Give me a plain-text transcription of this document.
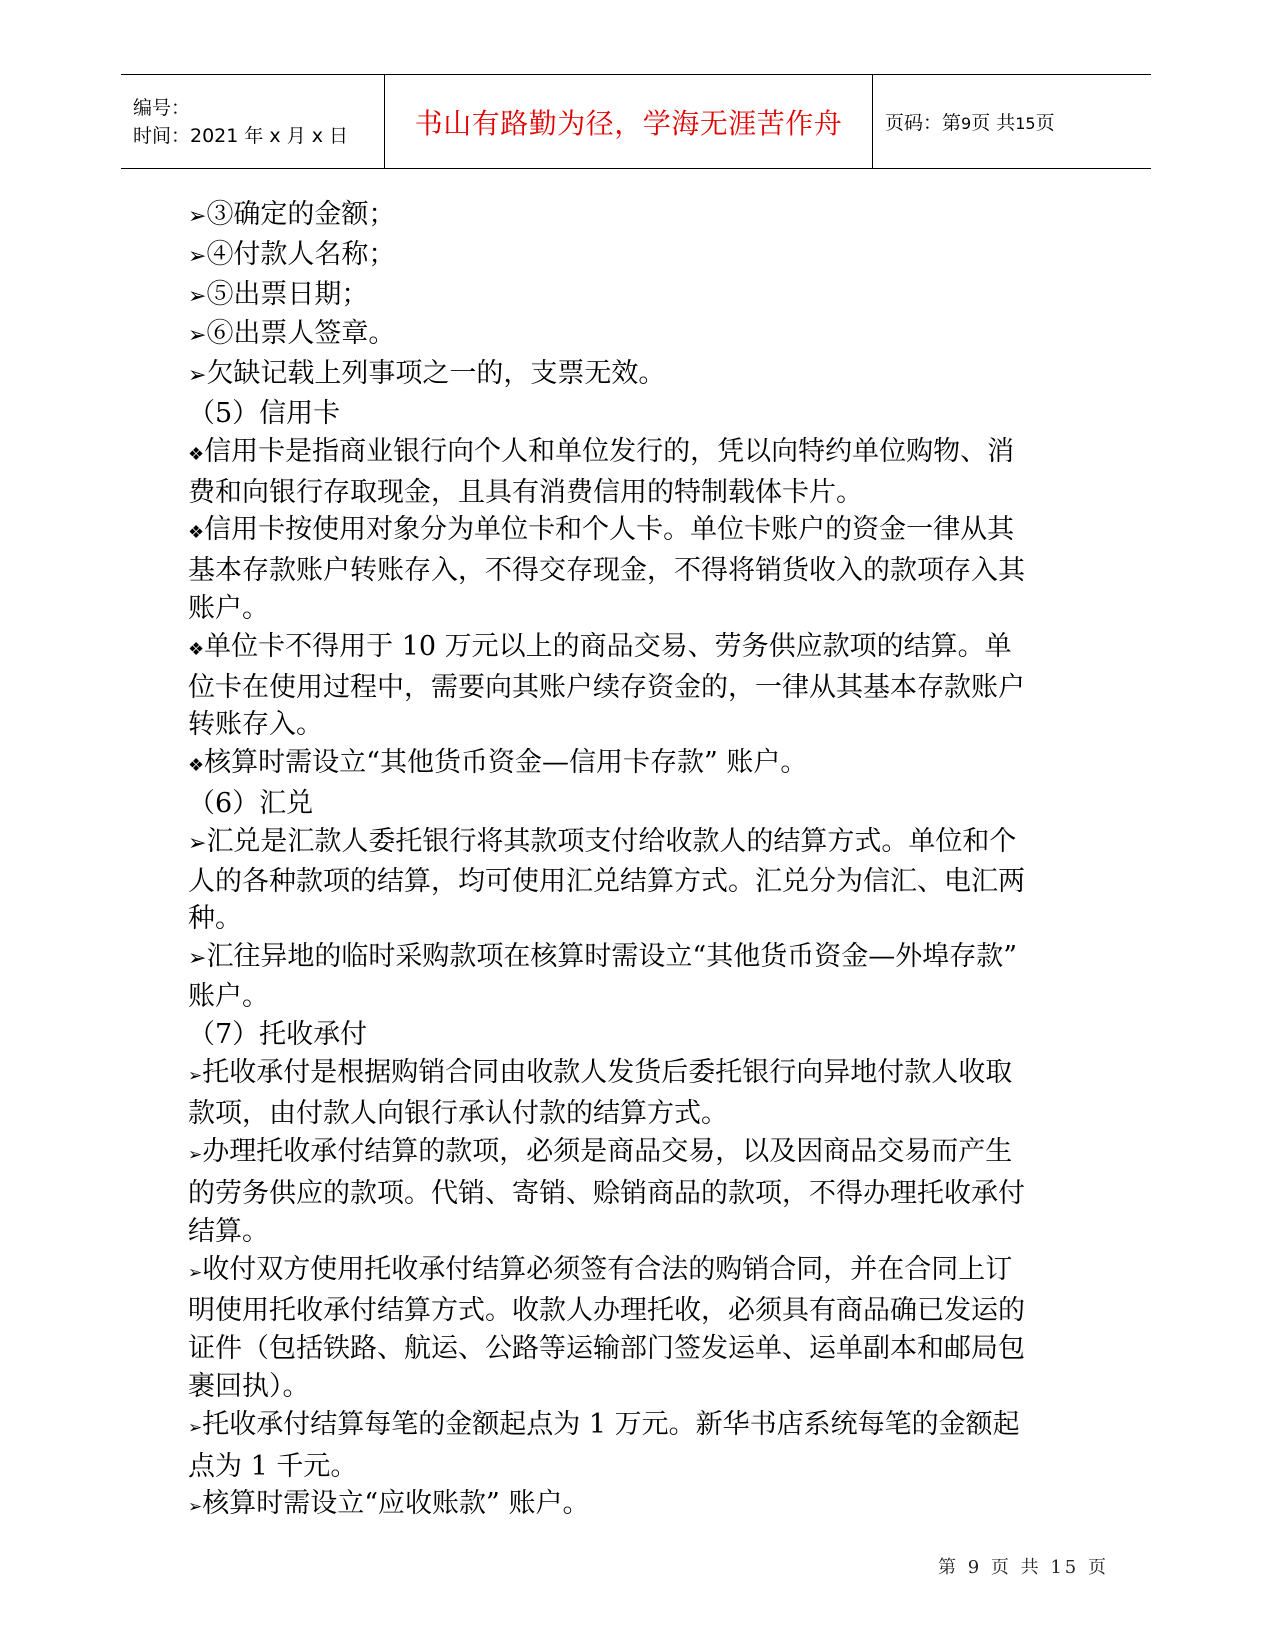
编号：
时间：2021 年 x 月 x 日	书山有路勤为径，学海无涯苦作舟 页码：第9页 共15页
➢③确定的金额；
➢④付款人名称；
➢⑤出票日期；
➢⑥出票人签章。
➢欠缺记载上列事项之一的，支票无效。
（5）信用卡
❖信用卡是指商业银行向个人和单位发行的，凭以向特约单位购物、消
费和向银行存取现金，且具有消费信用的特制载体卡片。
❖信用卡按使用对象分为单位卡和个人卡。单位卡账户的资金一律从其
基本存款账户转账存入，不得交存现金，不得将销货收入的款项存入其
账户。
❖单位卡不得用于 10 万元以上的商品交易、劳务供应款项的结算。单
位卡在使用过程中，需要向其账户续存资金的，一律从其基本存款账户
转账存入。
❖核算时需设立“其他货币资金—信用卡存款” 账户。
（6）汇兑
➢汇兑是汇款人委托银行将其款项支付给收款人的结算方式。单位和个
人的各种款项的结算，均可使用汇兑结算方式。汇兑分为信汇、电汇两
种。
➢汇往异地的临时采购款项在核算时需设立“其他货币资金—外埠存款”
账户。
（7）托收承付
➢托收承付是根据购销合同由收款人发货后委托银行向异地付款人收取
款项，由付款人向银行承认付款的结算方式。
➢办理托收承付结算的款项，必须是商品交易，以及因商品交易而产生
的劳务供应的款项。代销、寄销、赊销商品的款项，不得办理托收承付
结算。
➢收付双方使用托收承付结算必须签有合法的购销合同，并在合同上订
明使用托收承付结算方式。收款人办理托收，必须具有商品确已发运的
证件（包括铁路、航运、公路等运输部门签发运单、运单副本和邮局包
裹回执）。
➢托收承付结算每笔的金额起点为 1 万元。新华书店系统每笔的金额起
点为 1 千元。
➢核算时需设立“应收账款” 账户。
第 9 页 共 15 页
